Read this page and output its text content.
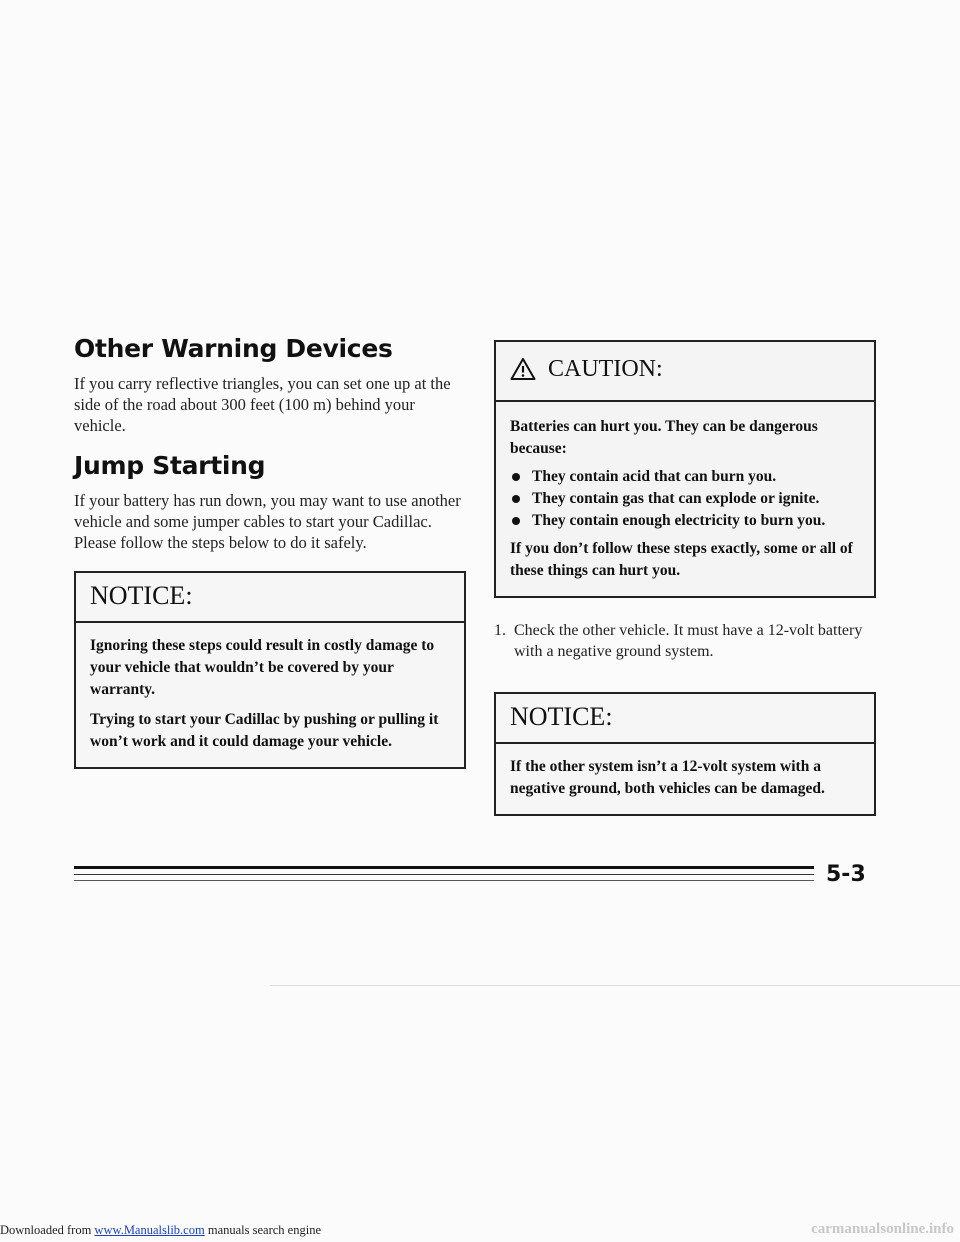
Other Warning Devices

If you carry reflective triangles, you can set one up at the side of the road about 300 feet (100 m) behind your vehicle.

Jump Starting

If your battery has run down, you may want to use another vehicle and some jumper cables to start your Cadillac. Please follow the steps below to do it safely.

NOTICE:

Ignoring these steps could result in costly damage to your vehicle that wouldn’t be covered by your warranty.

Trying to start your Cadillac by pushing or pulling it won’t work and it could damage your vehicle.

CAUTION:

Batteries can hurt you. They can be dangerous because:

They contain acid that can burn you.
They contain gas that can explode or ignite.
They contain enough electricity to burn you.

If you don’t follow these steps exactly, some or all of these things can hurt you.

1. Check the other vehicle. It must have a 12-volt battery with a negative ground system.
NOTICE:

If the other system isn’t a 12-volt system with a negative ground, both vehicles can be damaged.

5-3
Downloaded from www.Manualslib.com manuals search engine	carmanualsonline.info
